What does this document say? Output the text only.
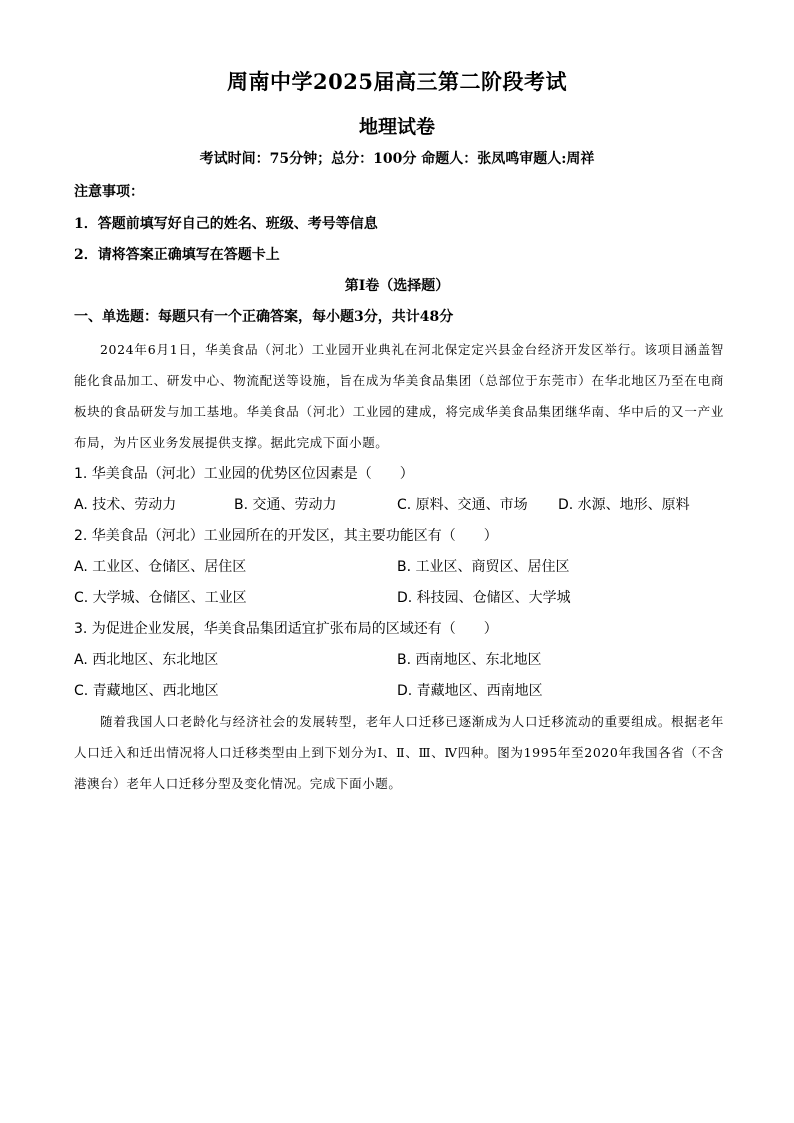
周南中学2025届高三第二阶段考试
地理试卷
考试时间：75分钟；总分：100分 命题人：张凤鸣审题人:周祥
注意事项：
1．答题前填写好自己的姓名、班级、考号等信息
2．请将答案正确填写在答题卡上
第I卷（选择题）
一、单选题：每题只有一个正确答案，每小题3分，共计48分
2024年6月1日，华美食品（河北）工业园开业典礼在河北保定定兴县金台经济开发区举行。该项目涵盖智能化食品加工、研发中心、物流配送等设施，旨在成为华美食品集团（总部位于东莞市）在华北地区乃至在电商板块的食品研发与加工基地。华美食品（河北）工业园的建成，将完成华美食品集团继华南、华中后的又一产业布局，为片区业务发展提供支撑。据此完成下面小题。
1. 华美食品（河北）工业园的优势区位因素是（　　）
A. 技术、劳动力	B. 交通、劳动力	C. 原料、交通、市场 D. 水源、地形、原料
2. 华美食品（河北）工业园所在的开发区，其主要功能区有（　　）
A. 工业区、仓储区、居住区	B. 工业区、商贸区、居住区
C. 大学城、仓储区、工业区	D. 科技园、仓储区、大学城
3. 为促进企业发展，华美食品集团适宜扩张布局的区域还有（　　）
A. 西北地区、东北地区	B. 西南地区、东北地区
C. 青藏地区、西北地区	D. 青藏地区、西南地区
随着我国人口老龄化与经济社会的发展转型，老年人口迁移已逐渐成为人口迁移流动的重要组成。根据老年人口迁入和迁出情况将人口迁移类型由上到下划分为Ⅰ、Ⅱ、Ⅲ、Ⅳ四种。图为1995年至2020年我国各省（不含港澳台）老年人口迁移分型及变化情况。完成下面小题。
